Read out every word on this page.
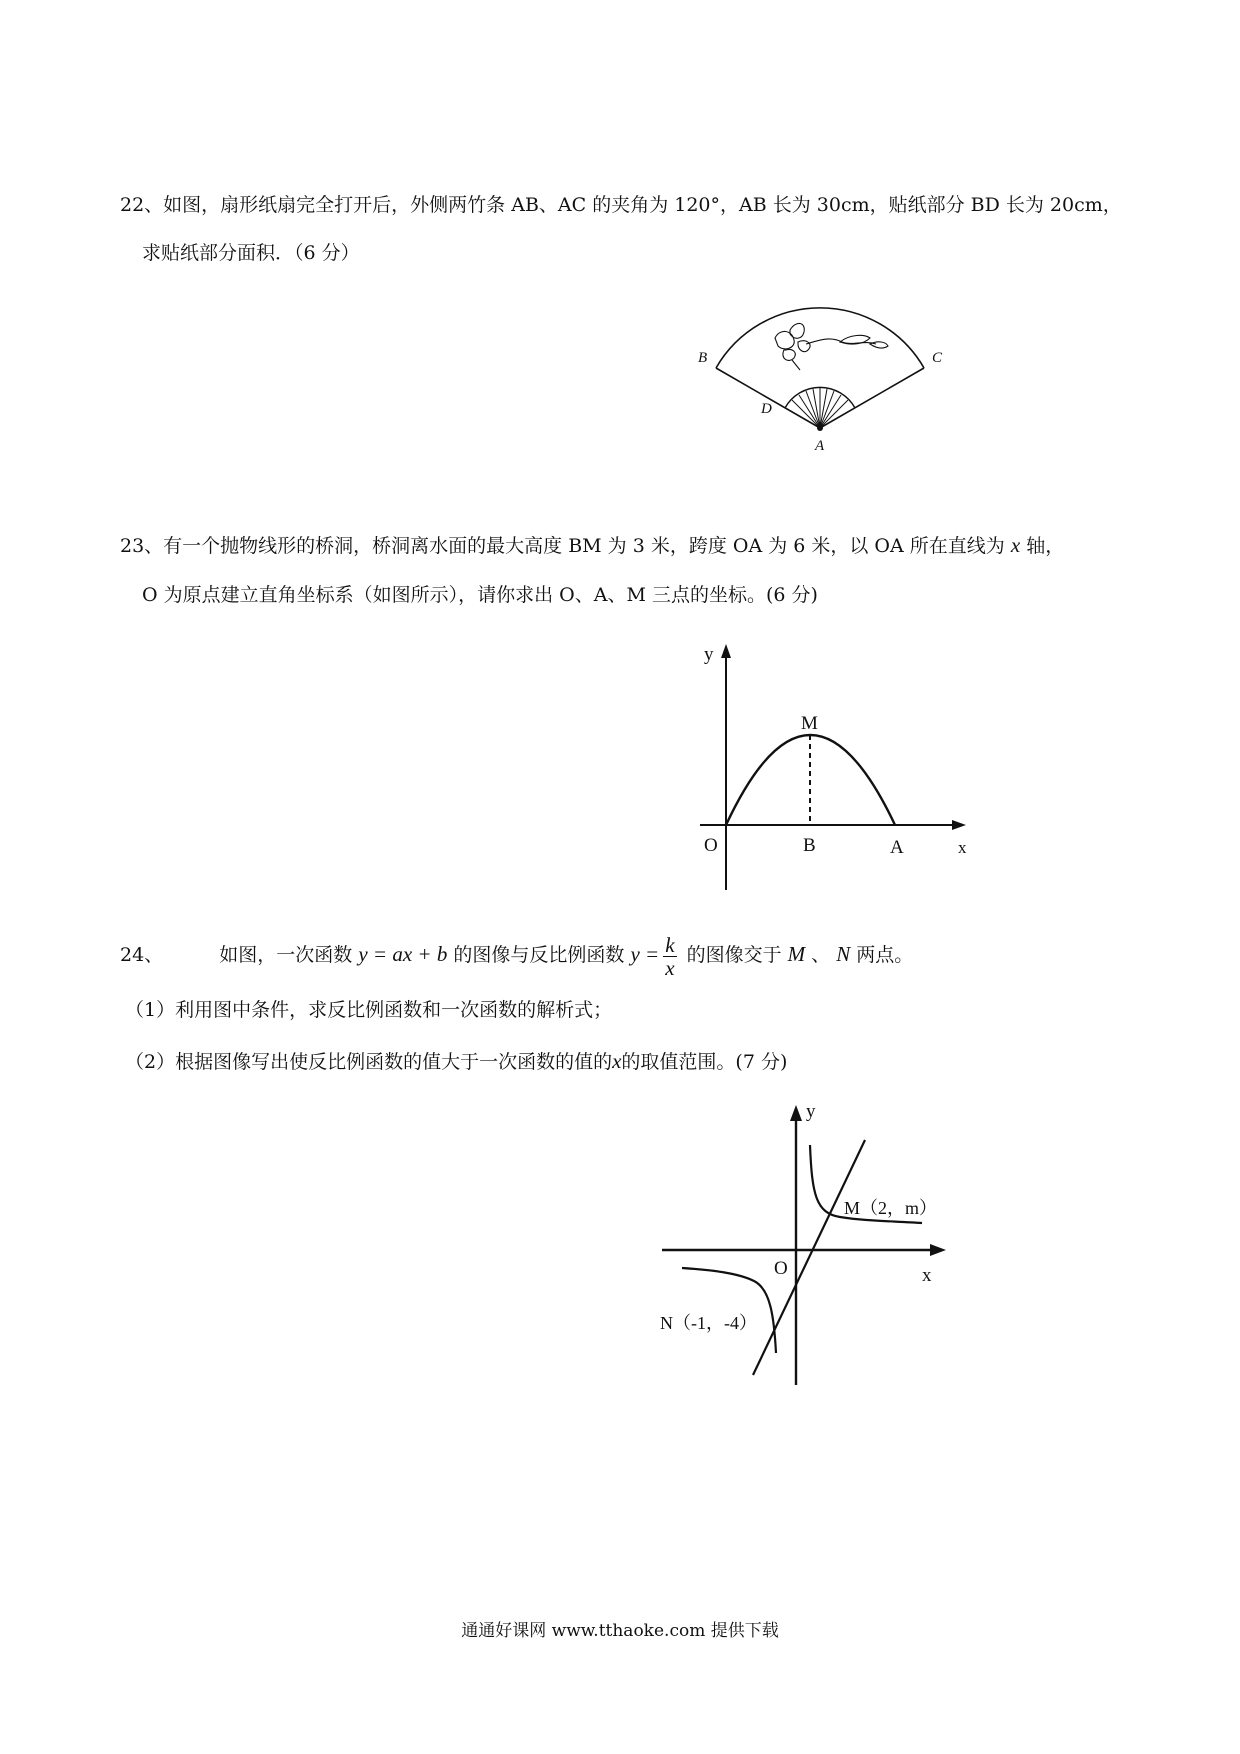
22、如图，扇形纸扇完全打开后，外侧两竹条 AB、AC 的夹角为 120°，AB 长为 30cm，贴纸部分 BD 长为 20cm，
求贴纸部分面积．（6 分）
B	C
D
A
23、有一个抛物线形的桥洞，桥洞离水面的最大高度 BM 为 3 米，跨度 OA 为 6 米，以 OA 所在直线为 x 轴，
O 为原点建立直角坐标系（如图所示），请你求出 O、A、M 三点的坐标。(6 分)
y
x
O	B	A
M
24、	如图，一次函数 y = ax + b 的图像与反比例函数 $y = \frac{k}{x}$ 的图像交于 M 、 N 两点。
（1）利用图中条件，求反比例函数和一次函数的解析式；
（2）根据图像写出使反比例函数的值大于一次函数的值的x的取值范围。(7 分)
y
x
O
M（2，m）
N（-1，-4）
通通好课网 www.tthaoke.com 提供下载
